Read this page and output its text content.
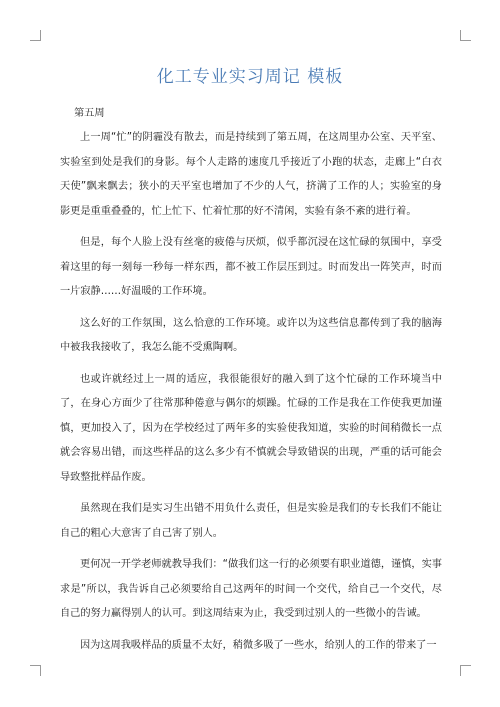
化工专业实习周记 模板

第五周

上一周“忙”的阴霾没有散去，而是持续到了第五周，在这周里办公室、天平室、实验室到处是我们的身影。每个人走路的速度几乎接近了小跑的状态，走廊上“白衣天使”飘来飘去；狭小的天平室也增加了不少的人气，挤满了工作的人；实验室的身影更是重重叠叠的，忙上忙下、忙着忙那的好不清闲，实验有条不紊的进行着。

但是，每个人脸上没有丝毫的疲倦与厌烦，似乎都沉浸在这忙碌的氛围中，享受着这里的每一刻每一秒每一样东西，都不被工作层压到过。时而发出一阵笑声，时而一片寂静……好温暖的工作环境。

这么好的工作氛围，这么恰意的工作环境。或许以为这些信息都传到了我的脑海中被我我接收了，我怎么能不受熏陶啊。

也或许就经过上一周的适应，我很能很好的融入到了这个忙碌的工作环境当中了，在身心方面少了往常那种倦意与偶尔的烦躁。忙碌的工作是我在工作使我更加谨慎，更加投入了，因为在学校经过了两年多的实验使我知道，实验的时间稍微长一点就会容易出错，而这些样品的这么多少有不慎就会导致错误的出现，严重的话可能会导致整批样品作废。

虽然现在我们是实习生出错不用负什么责任，但是实验是我们的专长我们不能让自己的粗心大意害了自己害了别人。

更何况一开学老师就教导我们：“做我们这一行的必须要有职业道德，谨慎，实事求是”所以，我告诉自己必须要给自己这两年的时间一个交代，给自己一个交代，尽自己的努力赢得别人的认可。到这周结束为止，我受到过别人的一些微小的告诫。

因为这周我吸样品的质量不太好，稍微多吸了一些水，给别人的工作的带来了一
